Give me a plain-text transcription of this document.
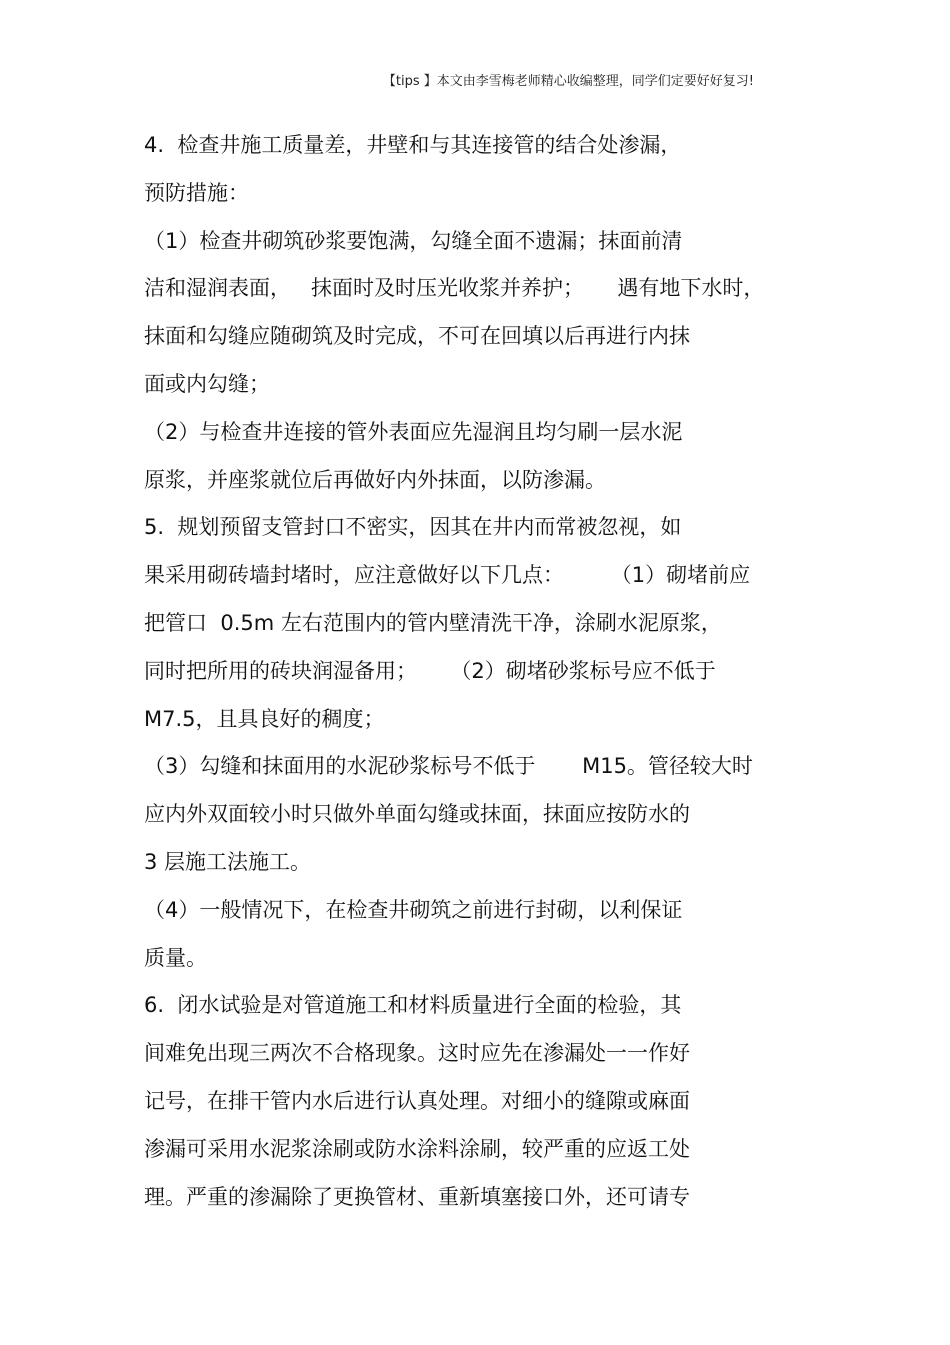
【tips 】本文由李雪梅老师精心收编整理，同学们定要好好复习!
4.  检查井施工质量差，井壁和与其连接管的结合处渗漏，
预防措施：
（1）检查井砌筑砂浆要饱满，勾缝全面不遗漏；抹面前清
洁和湿润表面，   抹面时及时压光收浆并养护；     遇有地下水时，
抹面和勾缝应随砌筑及时完成，不可在回填以后再进行内抹
面或内勾缝；
（2）与检查井连接的管外表面应先湿润且均匀刷一层水泥
原浆，并座浆就位后再做好内外抹面，以防渗漏。
5.  规划预留支管封口不密实，因其在井内而常被忽视，如
果采用砌砖墙封堵时，应注意做好以下几点：       （1）砌堵前应
把管口  0.5m 左右范围内的管内壁清洗干净，涂刷水泥原浆，
同时把所用的砖块润湿备用；     （2）砌堵砂浆标号应不低于
M7.5，且具良好的稠度；
（3）勾缝和抹面用的水泥砂浆标号不低于       M15。管径较大时
应内外双面较小时只做外单面勾缝或抹面，抹面应按防水的
3 层施工法施工。
（4）一般情况下，在检查井砌筑之前进行封砌，以利保证
质量。
6.  闭水试验是对管道施工和材料质量进行全面的检验，其
间难免出现三两次不合格现象。这时应先在渗漏处一一作好
记号，在排干管内水后进行认真处理。对细小的缝隙或麻面
渗漏可采用水泥浆涂刷或防水涂料涂刷，较严重的应返工处
理。严重的渗漏除了更换管材、重新填塞接口外，还可请专
